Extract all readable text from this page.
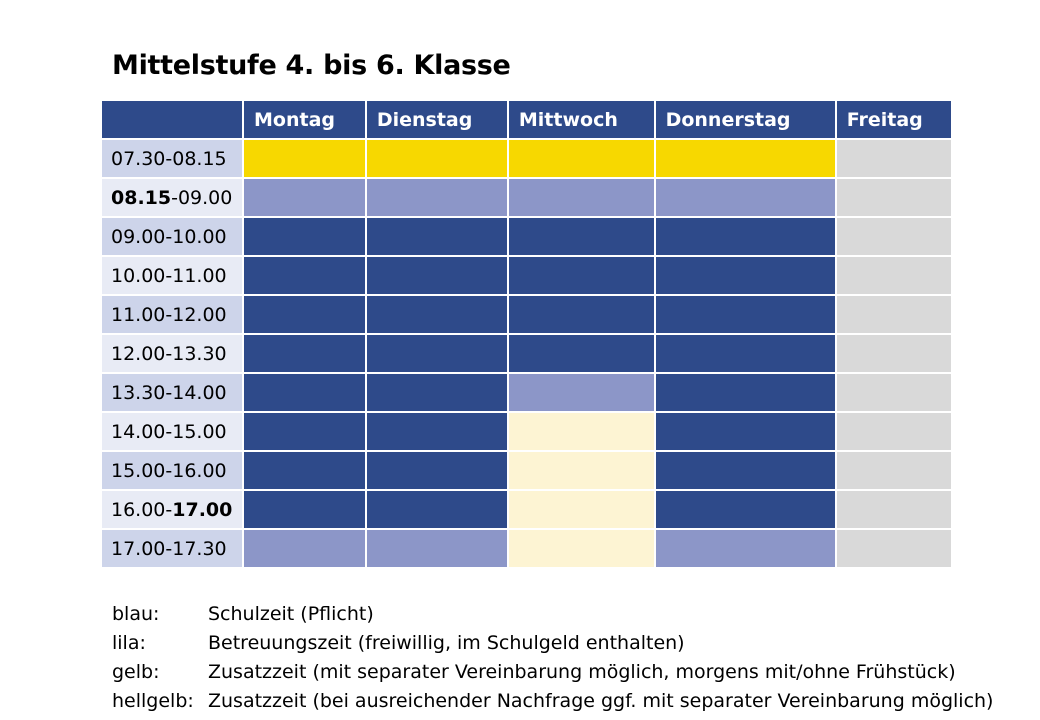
Mittelstufe 4. bis 6. Klasse
	Montag	Dienstag	Mittwoch	Donnerstag	Freitag
07.30-08.15					
08.15-09.00					
09.00-10.00					
10.00-11.00					
11.00-12.00					
12.00-13.30					
13.30-14.00					
14.00-15.00					
15.00-16.00					
16.00-17.00					
17.00-17.30					
blau:	Schulzeit (Pflicht)
lila:	Betreuungszeit (freiwillig, im Schulgeld enthalten)
gelb:	Zusatzzeit (mit separater Vereinbarung möglich, morgens mit/ohne Frühstück)
hellgelb: Zusatzzeit (bei ausreichender Nachfrage ggf. mit separater Vereinbarung möglich)
